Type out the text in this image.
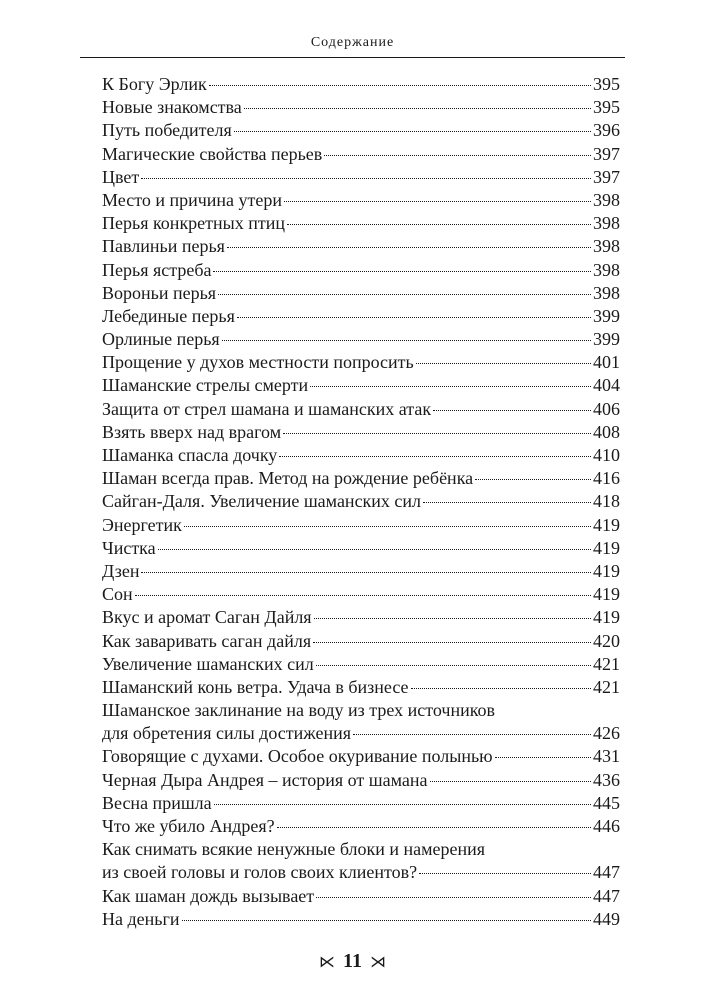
Содержание
К Богу Эрлик	395
Новые знакомства	395
Путь победителя	396
Магические свойства перьев	397
Цвет	397
Место и причина утери	398
Перья конкретных птиц	398
Павлиньи перья	398
Перья ястреба	398
Вороньи перья	398
Лебединые перья	399
Орлиные перья	399
Прощение у духов местности попросить	401
Шаманские стрелы смерти	404
Защита от стрел шамана и шаманских атак	406
Взять вверх над врагом	408
Шаманка спасла дочку	410
Шаман всегда прав. Метод на рождение ребёнка	416
Сайган-Даля. Увеличение шаманских сил	418
Энергетик	419
Чистка	419
Дзен	419
Сон	419
Вкус и аромат Саган Дайля	419
Как заваривать саган дайля	420
Увеличение шаманских сил	421
Шаманский конь ветра. Удача в бизнесе	421
Шаманское заклинание на воду из трех источников
для обретения силы достижения	426
Говорящие с духами. Особое окуривание полынью	431
Черная Дыра Андрея – история от шамана	436
Весна пришла	445
Что же убило Андрея?	446
Как снимать всякие ненужные блоки и намерения
из своей головы и голов своих клиентов?	447
Как шаман дождь вызывает	447
На деньги	449
⋉ 11 ⋊
